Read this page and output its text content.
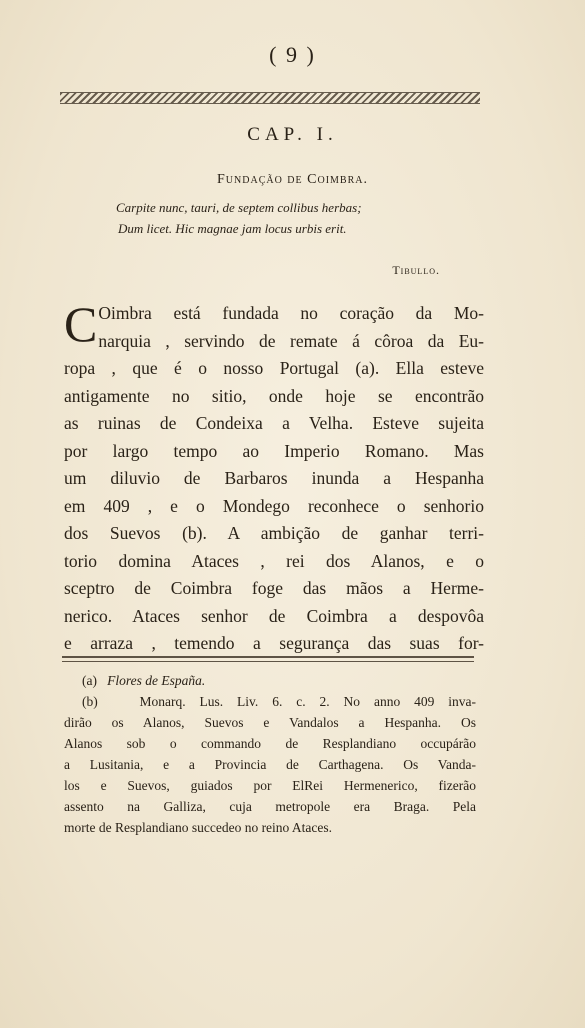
( 9 )
CAP. I.
Fundação de Coimbra.
Carpite nunc, tauri, de septem collibus herbas;
Dum licet. Hic magnae jam locus urbis erit.
Tibullo.
C Oimbra está fundada no coração da Mo-
narquia , servindo de remate á côroa da Eu-
ropa , que é o nosso Portugal (a). Ella esteve
antigamente no sitio, onde hoje se encontrão
as ruinas de Condeixa a Velha. Esteve sujeita
por largo tempo ao Imperio Romano. Mas
um diluvio de Barbaros inunda a Hespanha
em 409 , e o Mondego reconhece o senhorio
dos Suevos (b). A ambição de ganhar terri-
torio domina Ataces , rei dos Alanos, e o
sceptro de Coimbra foge das mãos a Herme-
nerico. Ataces senhor de Coimbra a despovôa
e arraza , temendo a segurança das suas for-
(a) Flores de España.
(b)	Monarq. Lus. Liv. 6. c. 2. No anno 409 inva-
dirão os Alanos, Suevos e Vandalos a Hespanha. Os
Alanos sob o commando de Resplandiano occupárão
a Lusitania, e a Provincia de Carthagena. Os Vanda-
los e Suevos, guiados por ElRei Hermenerico, fizerão
assento na Galliza, cuja metropole era Braga. Pela
morte de Resplandiano succedeo no reino Ataces.
